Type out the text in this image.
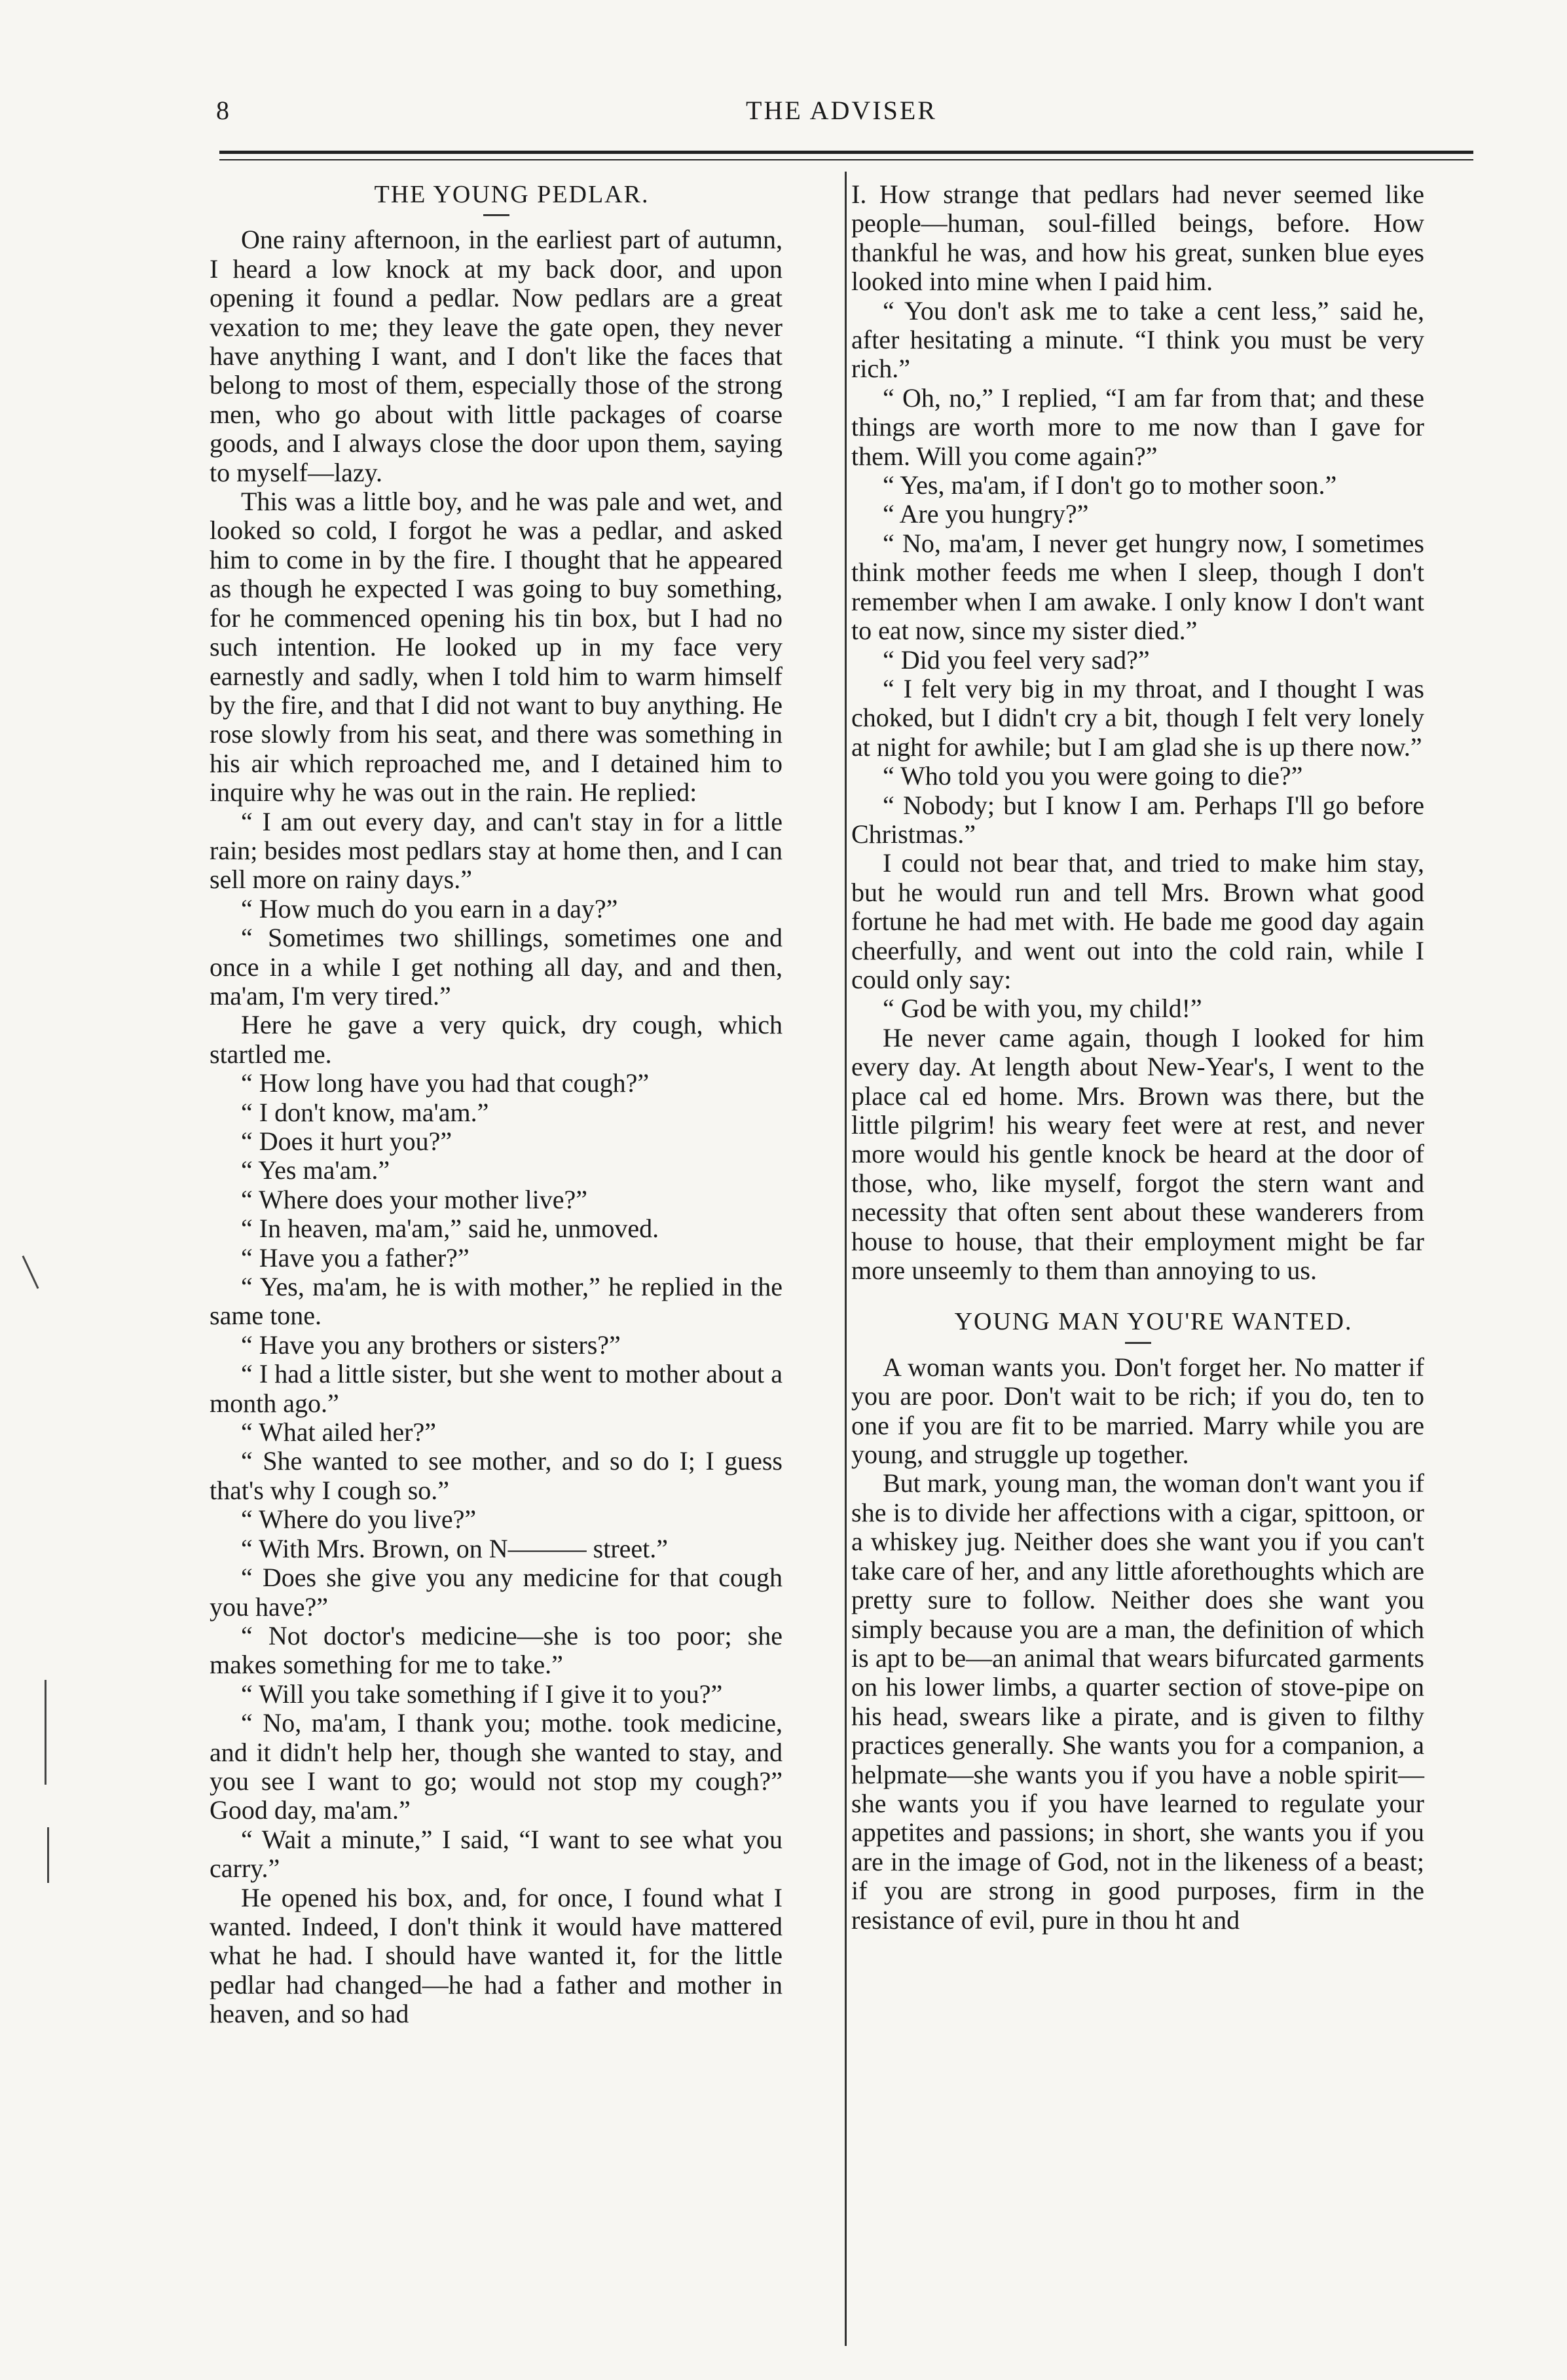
8	THE ADVISER

THE YOUNG PEDLAR.

One rainy afternoon, in the earliest part of autumn, I heard a low knock at my back door, and upon opening it found a pedlar. Now pedlars are a great vexation to me; they leave the gate open, they never have anything I want, and I don't like the faces that belong to most of them, especially those of the strong men, who go about with little packages of coarse goods, and I always close the door upon them, saying to myself—lazy.

This was a little boy, and he was pale and wet, and looked so cold, I forgot he was a pedlar, and asked him to come in by the fire. I thought that he appeared as though he expected I was going to buy something, for he commenced opening his tin box, but I had no such intention. He looked up in my face very earnestly and sadly, when I told him to warm himself by the fire, and that I did not want to buy anything. He rose slowly from his seat, and there was something in his air which reproached me, and I detained him to inquire why he was out in the rain. He replied:

“ I am out every day, and can't stay in for a little rain; besides most pedlars stay at home then, and I can sell more on rainy days.”

“ How much do you earn in a day?”

“ Sometimes two shillings, sometimes one and once in a while I get nothing all day, and and then, ma'am, I'm very tired.”

Here he gave a very quick, dry cough, which startled me.

“ How long have you had that cough?”

“ I don't know, ma'am.”

“ Does it hurt you?”

“ Yes ma'am.”

“ Where does your mother live?”

“ In heaven, ma'am,” said he, unmoved.

“ Have you a father?”

“ Yes, ma'am, he is with mother,” he replied in the same tone.

“ Have you any brothers or sisters?”

“ I had a little sister, but she went to mother about a month ago.”

“ What ailed her?”

“ She wanted to see mother, and so do I; I guess that's why I cough so.”

“ Where do you live?”

“ With Mrs. Brown, on N——— street.”

“ Does she give you any medicine for that cough you have?”

“ Not doctor's medicine—she is too poor; she makes something for me to take.”

“ Will you take something if I give it to you?”

“ No, ma'am, I thank you; mothe. took medicine, and it didn't help her, though she wanted to stay, and you see I want to go; would not stop my cough?” Good day, ma'am.”

“ Wait a minute,” I said, “I want to see what you carry.”

He opened his box, and, for once, I found what I wanted. Indeed, I don't think it would have mattered what he had. I should have wanted it, for the little pedlar had changed—he had a father and mother in heaven, and so had

I. How strange that pedlars had never seemed like people—human, soul-filled beings, before. How thankful he was, and how his great, sunken blue eyes looked into mine when I paid him.

“ You don't ask me to take a cent less,” said he, after hesitating a minute. “I think you must be very rich.”

“ Oh, no,” I replied, “I am far from that; and these things are worth more to me now than I gave for them. Will you come again?”

“ Yes, ma'am, if I don't go to mother soon.”

“ Are you hungry?”

“ No, ma'am, I never get hungry now, I sometimes think mother feeds me when I sleep, though I don't remember when I am awake. I only know I don't want to eat now, since my sister died.”

“ Did you feel very sad?”

“ I felt very big in my throat, and I thought I was choked, but I didn't cry a bit, though I felt very lonely at night for awhile; but I am glad she is up there now.”

“ Who told you you were going to die?”

“ Nobody; but I know I am. Perhaps I'll go before Christmas.”

I could not bear that, and tried to make him stay, but he would run and tell Mrs. Brown what good fortune he had met with. He bade me good day again cheerfully, and went out into the cold rain, while I could only say:

“ God be with you, my child!”

He never came again, though I looked for him every day. At length about New-Year's, I went to the place cal ed home. Mrs. Brown was there, but the little pilgrim! his weary feet were at rest, and never more would his gentle knock be heard at the door of those, who, like myself, forgot the stern want and necessity that often sent about these wanderers from house to house, that their employment might be far more unseemly to them than annoying to us.

YOUNG MAN YOU'RE WANTED.

A woman wants you. Don't forget her. No matter if you are poor. Don't wait to be rich; if you do, ten to one if you are fit to be married. Marry while you are young, and struggle up together.

But mark, young man, the woman don't want you if she is to divide her affections with a cigar, spittoon, or a whiskey jug. Neither does she want you if you can't take care of her, and any little aforethoughts which are pretty sure to follow. Neither does she want you simply because you are a man, the definition of which is apt to be—an animal that wears bifurcated garments on his lower limbs, a quarter section of stove-pipe on his head, swears like a pirate, and is given to filthy practices generally. She wants you for a companion, a helpmate—she wants you if you have a noble spirit—she wants you if you have learned to regulate your appetites and passions; in short, she wants you if you are in the image of God, not in the likeness of a beast; if you are strong in good purposes, firm in the resistance of evil, pure in thou ht and
